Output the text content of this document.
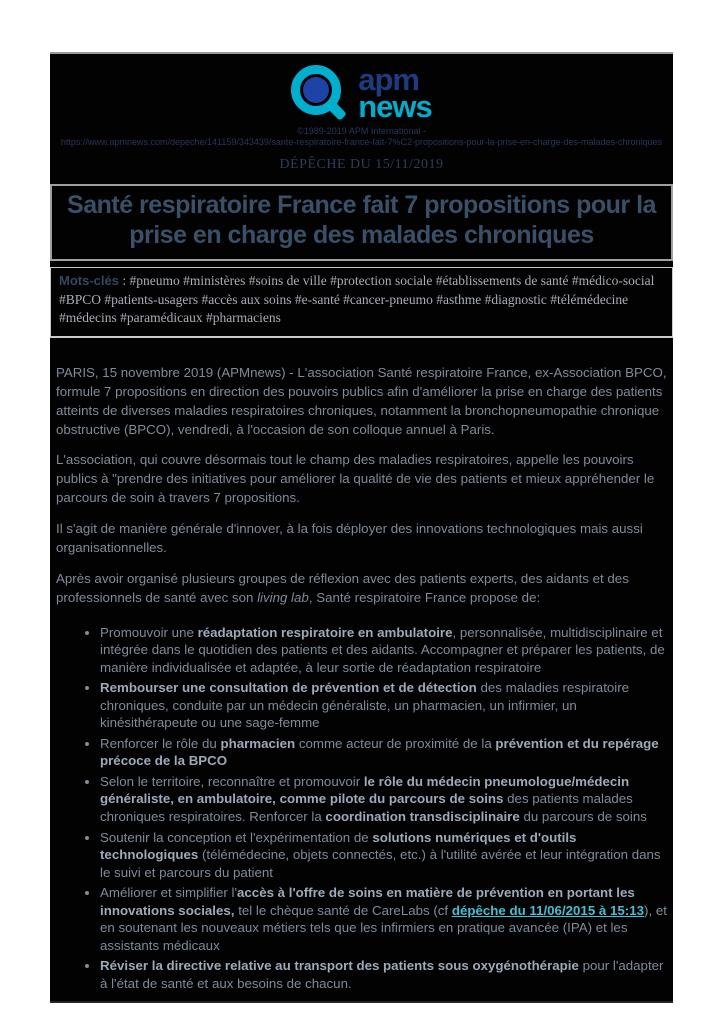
apm
news
©1989-2019 APM International -
https://www.apmnews.com/depeche/141159/343439/sante-respiratoire-france-fait-7%C2-propositions-pour-la-prise-en-charge-des-malades-chroniques
DÉPÊCHE DU 15/11/2019
Santé respiratoire France fait 7 propositions pour la prise en charge des malades chroniques
Mots-clés : #pneumo #ministères #soins de ville #protection sociale #établissements de santé #médico-social #BPCO #patients-usagers #accès aux soins #e-santé #cancer-pneumo #asthme #diagnostic #télémédecine #médecins #paramédicaux #pharmaciens

PARIS, 15 novembre 2019 (APMnews) - L'association Santé respiratoire France, ex-Association BPCO, formule 7 propositions en direction des pouvoirs publics afin d'améliorer la prise en charge des patients atteints de diverses maladies respiratoires chroniques, notamment la bronchopneumopathie chronique obstructive (BPCO), vendredi, à l'occasion de son colloque annuel à Paris.

L'association, qui couvre désormais tout le champ des maladies respiratoires, appelle les pouvoirs publics à "prendre des initiatives pour améliorer la qualité de vie des patients et mieux appréhender le parcours de soin à travers 7 propositions.

Il s'agit de manière générale d'innover, à la fois déployer des innovations technologiques mais aussi organisationnelles.

Après avoir organisé plusieurs groupes de réflexion avec des patients experts, des aidants et des professionnels de santé avec son living lab, Santé respiratoire France propose de:

• Promouvoir une réadaptation respiratoire en ambulatoire, personnalisée, multidisciplinaire et intégrée dans le quotidien des patients et des aidants. Accompagner et préparer les patients, de manière individualisée et adaptée, à leur sortie de réadaptation respiratoire
• Rembourser une consultation de prévention et de détection des maladies respiratoire chroniques, conduite par un médecin généraliste, un pharmacien, un infirmier, un kinésithérapeute ou une sage-femme
• Renforcer le rôle du pharmacien comme acteur de proximité de la prévention et du repérage précoce de la BPCO
• Selon le territoire, reconnaître et promouvoir le rôle du médecin pneumologue/médecin généraliste, en ambulatoire, comme pilote du parcours de soins des patients malades chroniques respiratoires. Renforcer la coordination transdisciplinaire du parcours de soins
• Soutenir la conception et l'expérimentation de solutions numériques et d'outils technologiques (télémédecine, objets connectés, etc.) à l'utilité avérée et leur intégration dans le suivi et parcours du patient
• Améliorer et simplifier l'accès à l'offre de soins en matière de prévention en portant les innovations sociales, tel le chèque santé de CareLabs (cf dépêche du 11/06/2015 à 15:13), et en soutenant les nouveaux métiers tels que les infirmiers en pratique avancée (IPA) et les assistants médicaux
• Réviser la directive relative au transport des patients sous oxygénothérapie pour l'adapter à l'état de santé et aux besoins de chacun.
